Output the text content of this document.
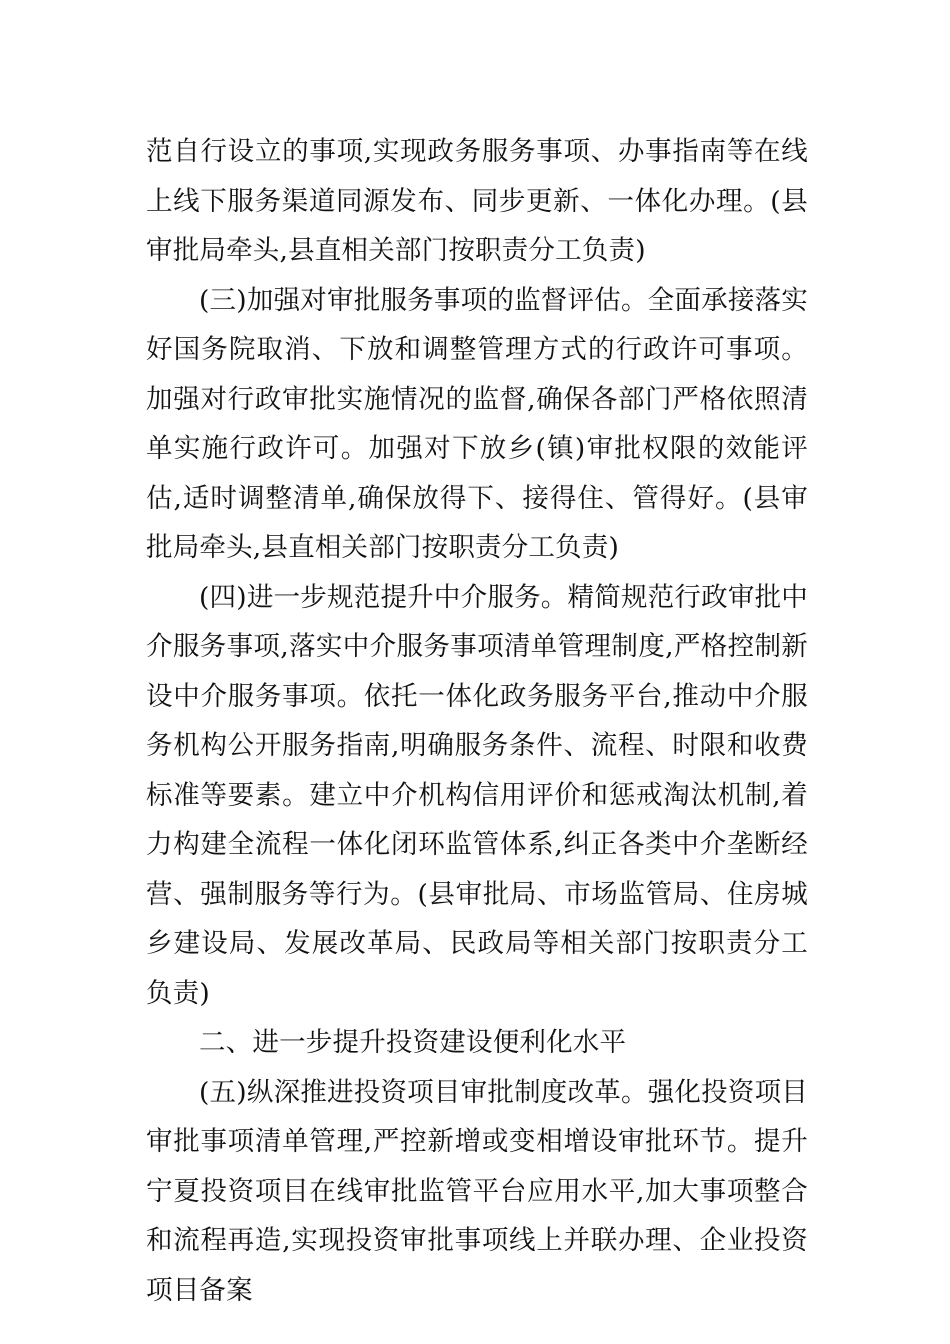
范自行设立的事项,实现政务服务事项、办事指南等在线上线下服务渠道同源发布、同步更新、一体化办理。(县审批局牵头,县直相关部门按职责分工负责)

(三)加强对审批服务事项的监督评估。全面承接落实好国务院取消、下放和调整管理方式的行政许可事项。加强对行政审批实施情况的监督,确保各部门严格依照清单实施行政许可。加强对下放乡(镇)审批权限的效能评估,适时调整清单,确保放得下、接得住、管得好。(县审批局牵头,县直相关部门按职责分工负责)

(四)进一步规范提升中介服务。精简规范行政审批中介服务事项,落实中介服务事项清单管理制度,严格控制新设中介服务事项。依托一体化政务服务平台,推动中介服务机构公开服务指南,明确服务条件、流程、时限和收费标准等要素。建立中介机构信用评价和惩戒淘汰机制,着力构建全流程一体化闭环监管体系,纠正各类中介垄断经营、强制服务等行为。(县审批局、市场监管局、住房城乡建设局、发展改革局、民政局等相关部门按职责分工负责)

二、进一步提升投资建设便利化水平

(五)纵深推进投资项目审批制度改革。强化投资项目审批事项清单管理,严控新增或变相增设审批环节。提升宁夏投资项目在线审批监管平台应用水平,加大事项整合和流程再造,实现投资审批事项线上并联办理、企业投资项目备案
